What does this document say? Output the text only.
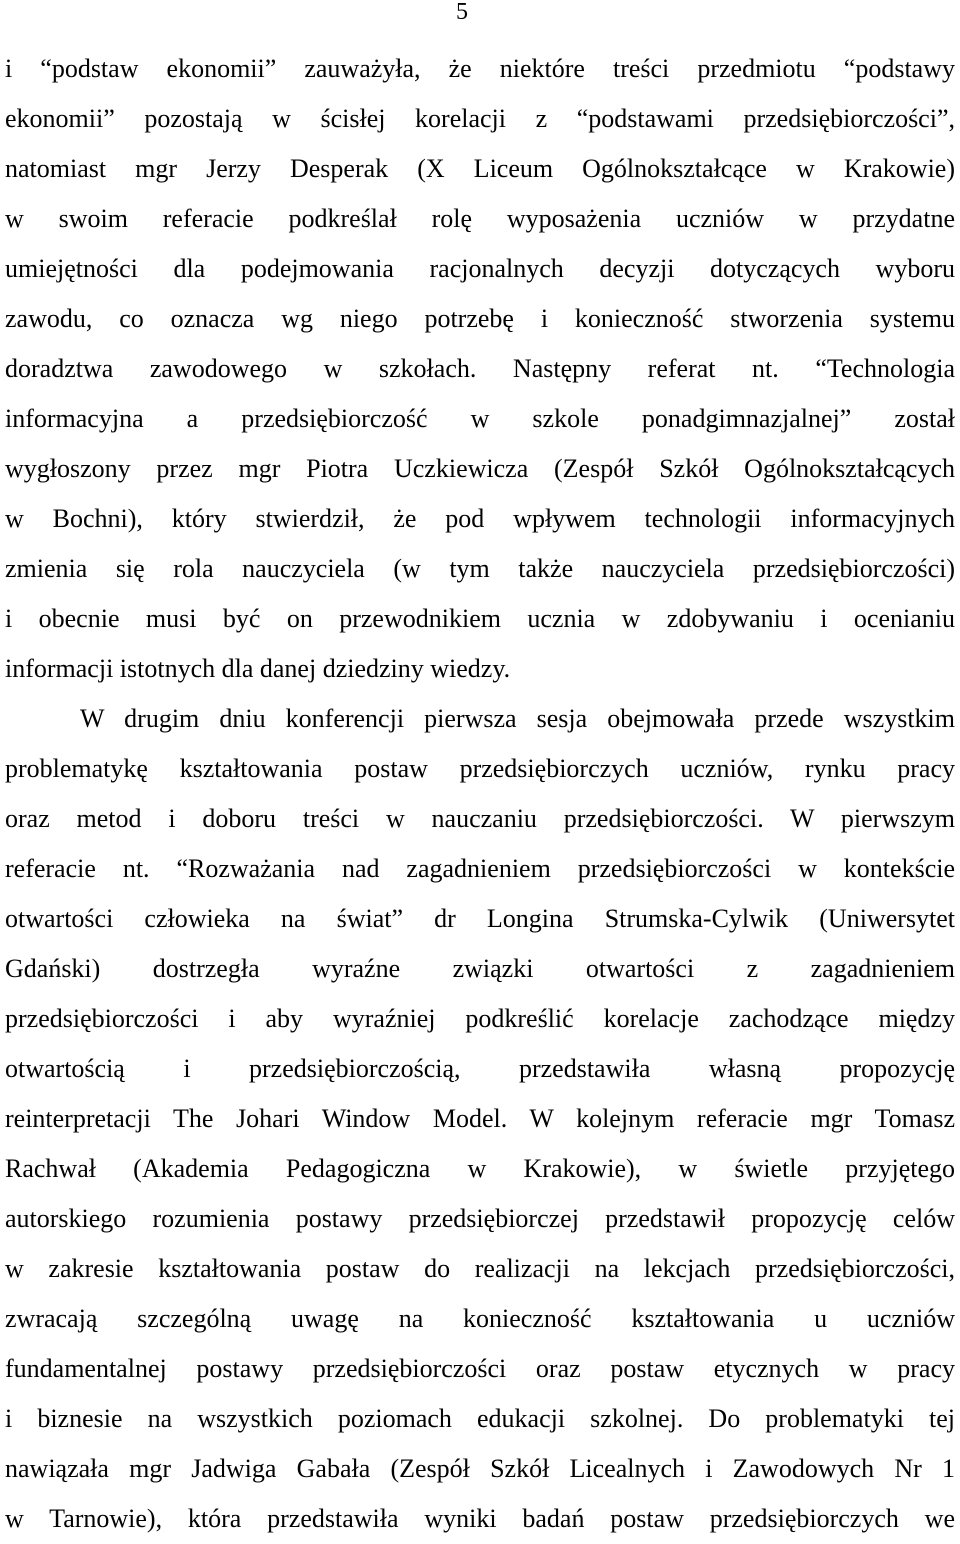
5
i “podstaw ekonomii” zauważyła, że niektóre treści przedmiotu “podstawy
ekonomii” pozostają w ścisłej korelacji z “podstawami przedsiębiorczości”,
natomiast mgr Jerzy Desperak (X Liceum Ogólnokształcące w Krakowie)
w swoim referacie podkreślał rolę wyposażenia uczniów w przydatne
umiejętności dla podejmowania racjonalnych decyzji dotyczących wyboru
zawodu, co oznacza wg niego potrzebę i konieczność stworzenia systemu
doradztwa zawodowego w szkołach. Następny referat nt. “Technologia
informacyjna a przedsiębiorczość w szkole ponadgimnazjalnej” został
wygłoszony przez mgr Piotra Uczkiewicza (Zespół Szkół Ogólnokształcących
w Bochni), który stwierdził, że pod wpływem technologii informacyjnych
zmienia się rola nauczyciela (w tym także nauczyciela przedsiębiorczości)
i obecnie musi być on przewodnikiem ucznia w zdobywaniu i ocenianiu
informacji istotnych dla danej dziedziny wiedzy.
W drugim dniu konferencji pierwsza sesja obejmowała przede wszystkim
problematykę kształtowania postaw przedsiębiorczych uczniów, rynku pracy
oraz metod i doboru treści w nauczaniu przedsiębiorczości. W pierwszym
referacie nt. “Rozważania nad zagadnieniem przedsiębiorczości w kontekście
otwartości człowieka na świat” dr Longina Strumska-Cylwik (Uniwersytet
Gdański) dostrzegła wyraźne związki otwartości z zagadnieniem
przedsiębiorczości i aby wyraźniej podkreślić korelacje zachodzące między
otwartością i przedsiębiorczością, przedstawiła własną propozycję
reinterpretacji The Johari Window Model. W kolejnym referacie mgr Tomasz
Rachwał (Akademia Pedagogiczna w Krakowie), w świetle przyjętego
autorskiego rozumienia postawy przedsiębiorczej przedstawił propozycję celów
w zakresie kształtowania postaw do realizacji na lekcjach przedsiębiorczości,
zwracają szczególną uwagę na konieczność kształtowania u uczniów
fundamentalnej postawy przedsiębiorczości oraz postaw etycznych w pracy
i biznesie na wszystkich poziomach edukacji szkolnej. Do problematyki tej
nawiązała mgr Jadwiga Gabała (Zespół Szkół Licealnych i Zawodowych Nr 1
w Tarnowie), która przedstawiła wyniki badań postaw przedsiębiorczych we
